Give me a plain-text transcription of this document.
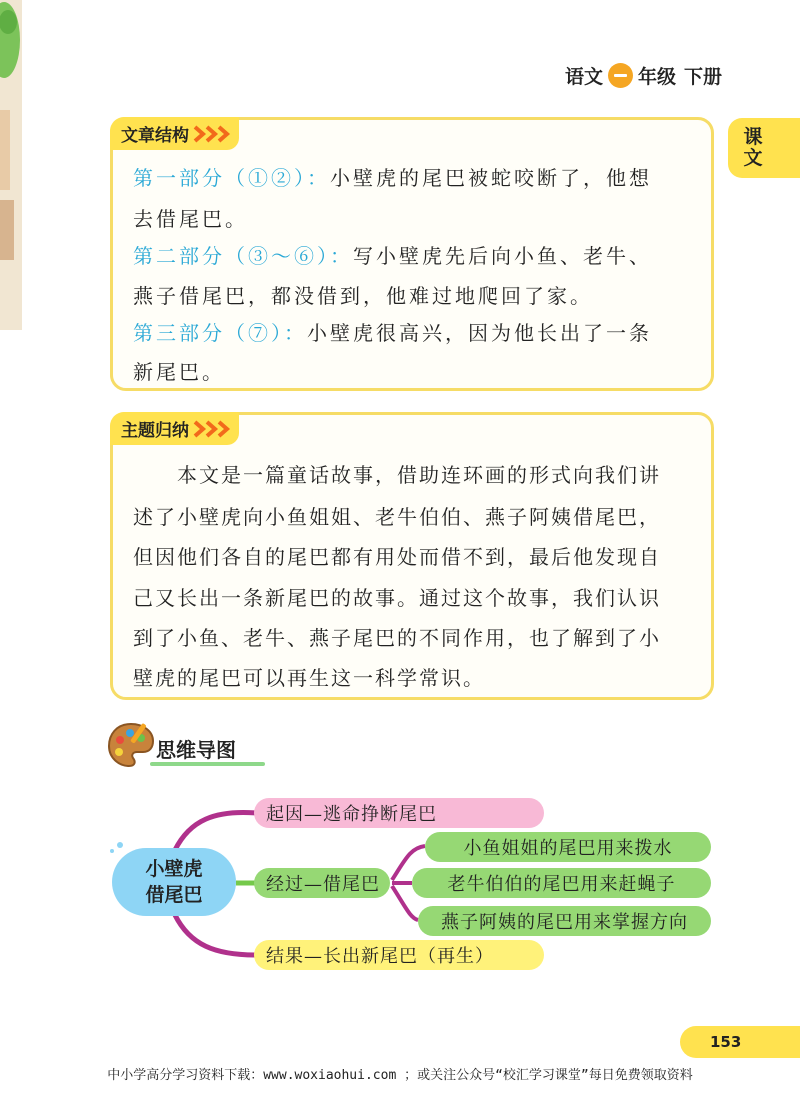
语文 年级 下册
课
文
文章结构
第一部分（①②）：小壁虎的尾巴被蛇咬断了，他想
去借尾巴。
第二部分（③～⑥）：写小壁虎先后向小鱼、老牛、
燕子借尾巴，都没借到，他难过地爬回了家。
第三部分（⑦）：小壁虎很高兴，因为他长出了一条
新尾巴。
主题归纳
　　本文是一篇童话故事，借助连环画的形式向我们讲
述了小壁虎向小鱼姐姐、老牛伯伯、燕子阿姨借尾巴，
但因他们各自的尾巴都有用处而借不到，最后他发现自
己又长出一条新尾巴的故事。通过这个故事，我们认识
到了小鱼、老牛、燕子尾巴的不同作用，也了解到了小
壁虎的尾巴可以再生这一科学常识。
思维导图
小壁虎
借尾巴
起因—逃命挣断尾巴
经过—借尾巴
小鱼姐姐的尾巴用来拨水
老牛伯伯的尾巴用来赶蝇子
燕子阿姨的尾巴用来掌握方向
结果—长出新尾巴（再生）
153
中小学高分学习资料下载：www.woxiaohui.com ；或关注公众号“校汇学习课堂”每日免费领取资料
